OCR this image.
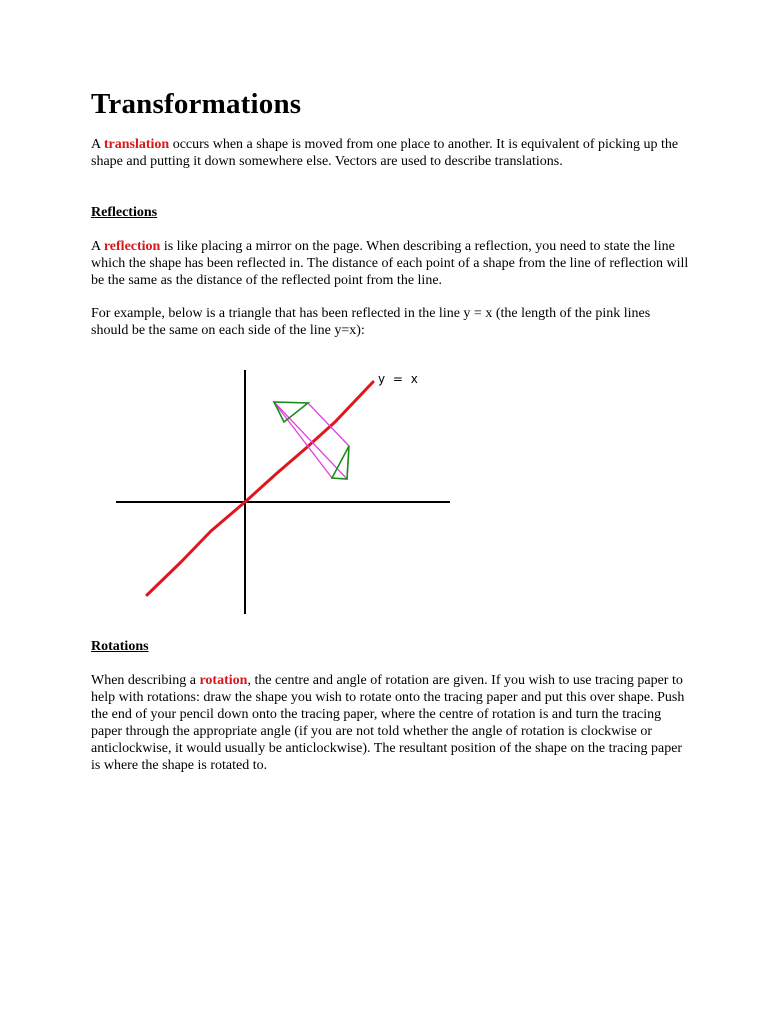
Transformations

A translation occurs when a shape is moved from one place to another. It is equivalent of picking up the shape and putting it down somewhere else. Vectors are used to describe translations.

Reflections

A reflection is like placing a mirror on the page. When describing a reflection, you need to state the line which the shape has been reflected in. The distance of each point of a shape from the line of reflection will be the same as the distance of the reflected point from the line.

For example, below is a triangle that has been reflected in the line y = x (the length of the pink lines should be the same on each side of the line y=x):

y = x

Rotations

When describing a rotation, the centre and angle of rotation are given. If you wish to use tracing paper to help with rotations: draw the shape you wish to rotate onto the tracing paper and put this over shape. Push the end of your pencil down onto the tracing paper, where the centre of rotation is and turn the tracing paper through the appropriate angle (if you are not told whether the angle of rotation is clockwise or anticlockwise, it would usually be anticlockwise). The resultant position of the shape on the tracing paper is where the shape is rotated to.
